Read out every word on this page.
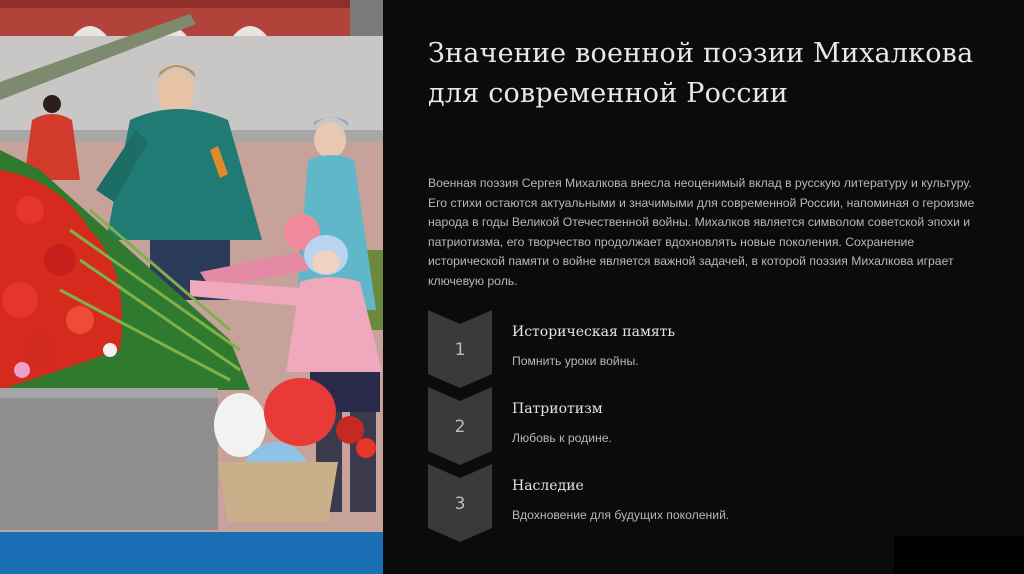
Значение военной поэзии Михалкова для современной России

Военная поэзия Сергея Михалкова внесла неоценимый вклад в русскую литературу и культуру. Его стихи остаются актуальными и значимыми для современной России, напоминая о героизме народа в годы Великой Отечественной войны. Михалков является символом советской эпохи и патриотизма, его творчество продолжает вдохновлять новые поколения. Сохранение исторической памяти о войне является важной задачей, в которой поэзия Михалкова играет ключевую роль.

1
Историческая память
Помнить уроки войны.
2
Патриотизм
Любовь к родине.
3
Наследие
Вдохновение для будущих поколений.
